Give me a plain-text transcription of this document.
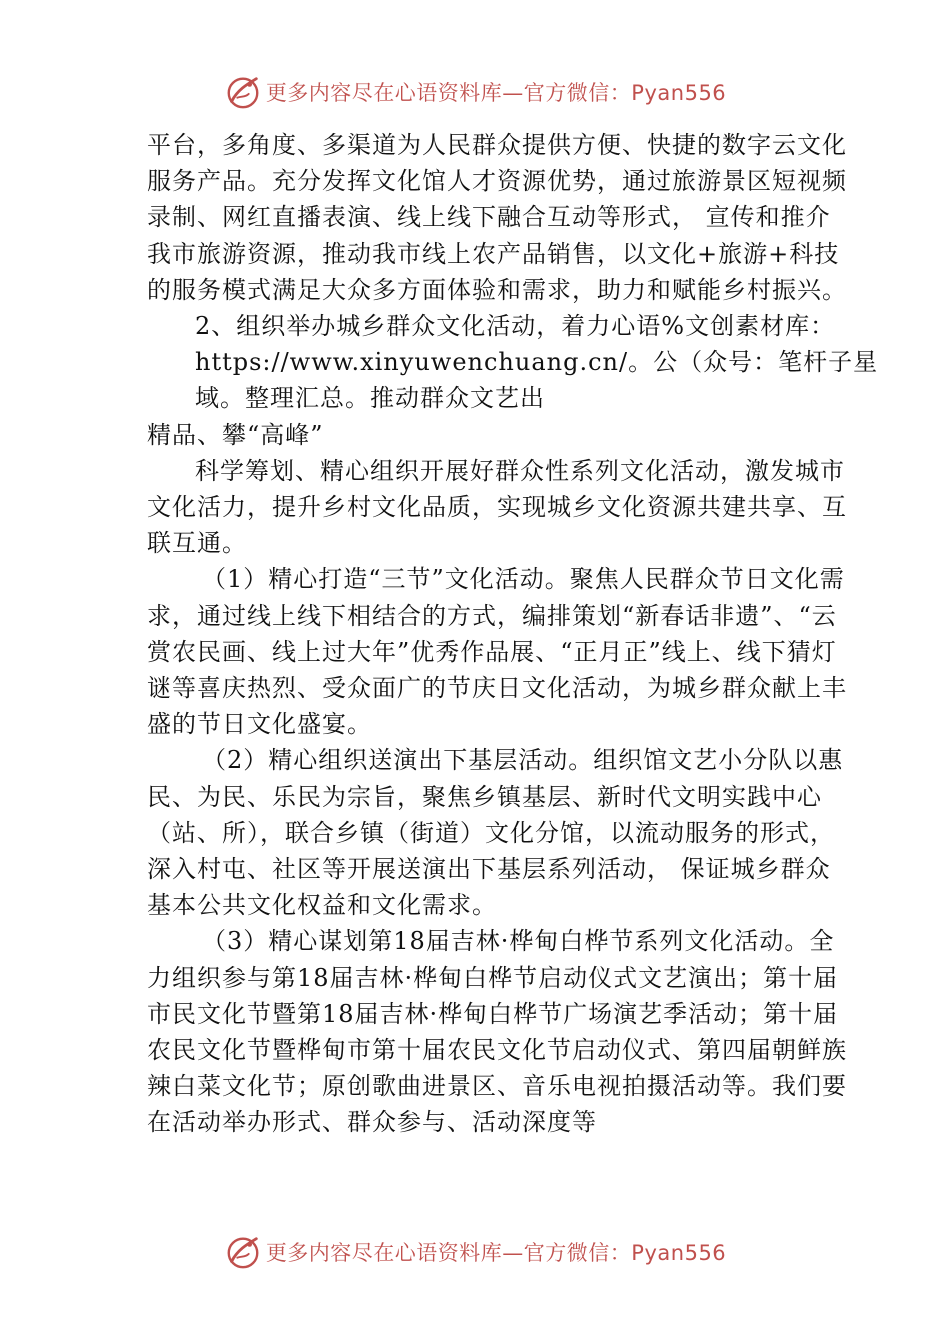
更多内容尽在心语资料库—官方微信：Pyan556

平台，多角度、多渠道为人民群众提供方便、快捷的数字云文化服务产品。充分发挥文化馆人才资源优势，通过旅游景区短视频录制、网红直播表演、线上线下融合互动等形式， 宣传和推介我市旅游资源，推动我市线上农产品销售，以文化+旅游+科技的服务模式满足大众多方面体验和需求，助力和赋能乡村振兴。

2、组织举办城乡群众文化活动，着力心语%文创素材库：

https://www.xinyuwenchuang.cn/。公（众号：笔杆子星

域。整理汇总。推动群众文艺出

精品、攀“高峰”

科学筹划、精心组织开展好群众性系列文化活动，激发城市文化活力，提升乡村文化品质，实现城乡文化资源共建共享、互联互通。

（1）精心打造“三节”文化活动。聚焦人民群众节日文化需求，通过线上线下相结合的方式，编排策划“新春话非遗”、“云赏农民画、线上过大年”优秀作品展、“正月正”线上、线下猜灯谜等喜庆热烈、受众面广的节庆日文化活动，为城乡群众献上丰盛的节日文化盛宴。

（2）精心组织送演出下基层活动。组织馆文艺小分队以惠民、为民、乐民为宗旨，聚焦乡镇基层、新时代文明实践中心（站、所），联合乡镇（街道）文化分馆，以流动服务的形式，深入村屯、社区等开展送演出下基层系列活动， 保证城乡群众基本公共文化权益和文化需求。

（3）精心谋划第18届吉林·桦甸白桦节系列文化活动。全力组织参与第18届吉林·桦甸白桦节启动仪式文艺演出；第十届市民文化节暨第18届吉林·桦甸白桦节广场演艺季活动；第十届农民文化节暨桦甸市第十届农民文化节启动仪式、第四届朝鲜族辣白菜文化节；原创歌曲进景区、音乐电视拍摄活动等。我们要在活动举办形式、群众参与、活动深度等

更多内容尽在心语资料库—官方微信：Pyan556
